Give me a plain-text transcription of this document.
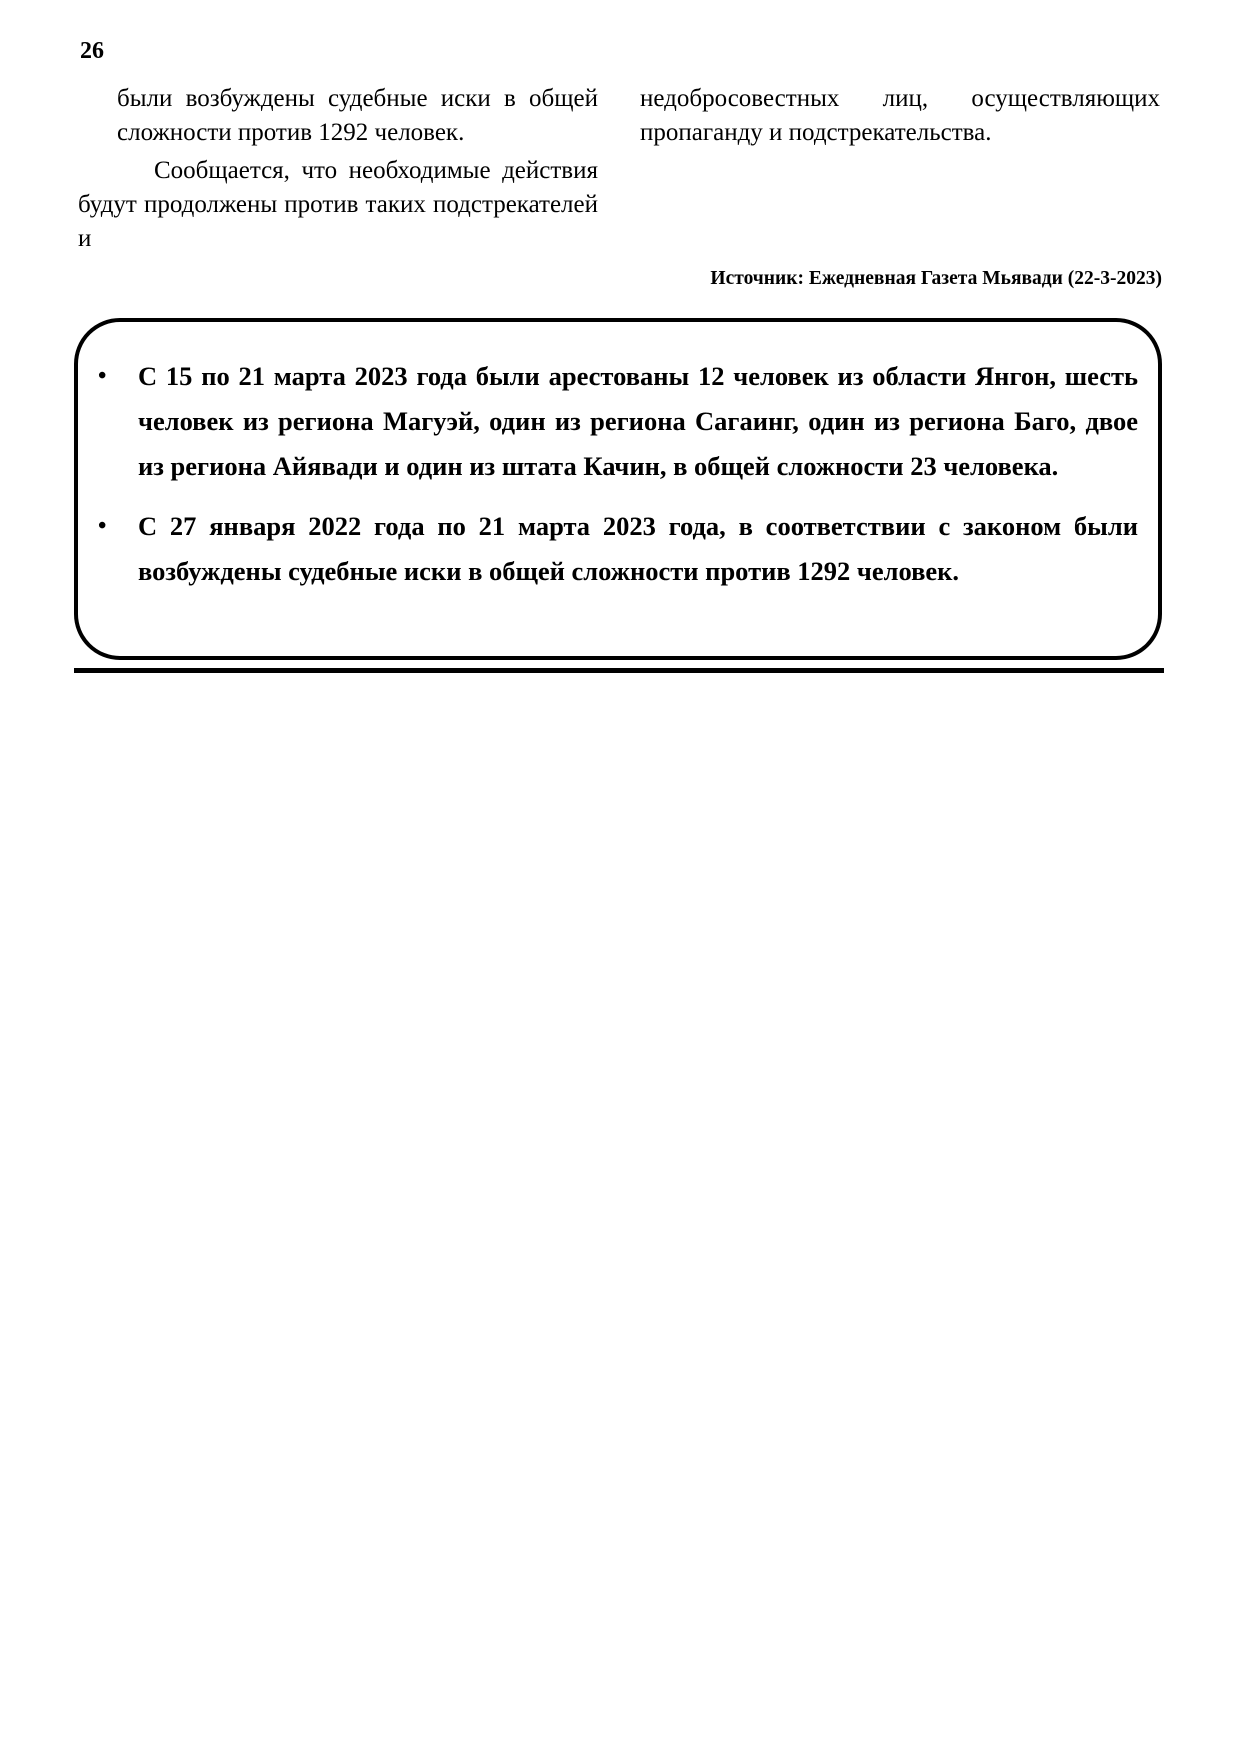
26

были возбуждены судебные иски в общей сложности против 1292 человек.

Сообщается, что необходимые действия будут продолжены против таких подстрекателей и

недобросовестных лиц, осуществляющих пропаганду и подстрекательства.

Источник: Ежедневная Газета Мьявади (22-3-2023)
• С 15 по 21 марта 2023 года были арестованы 12 человек из области Янгон, шесть человек из региона Магуэй, один из региона Сагаинг, один из региона Баго, двое из региона Айявади и один из штата Качин, в общей сложности 23 человека.
• С 27 января 2022 года по 21 марта 2023 года, в соответствии с законом были возбуждены судебные иски в общей сложности против 1292 человек.
